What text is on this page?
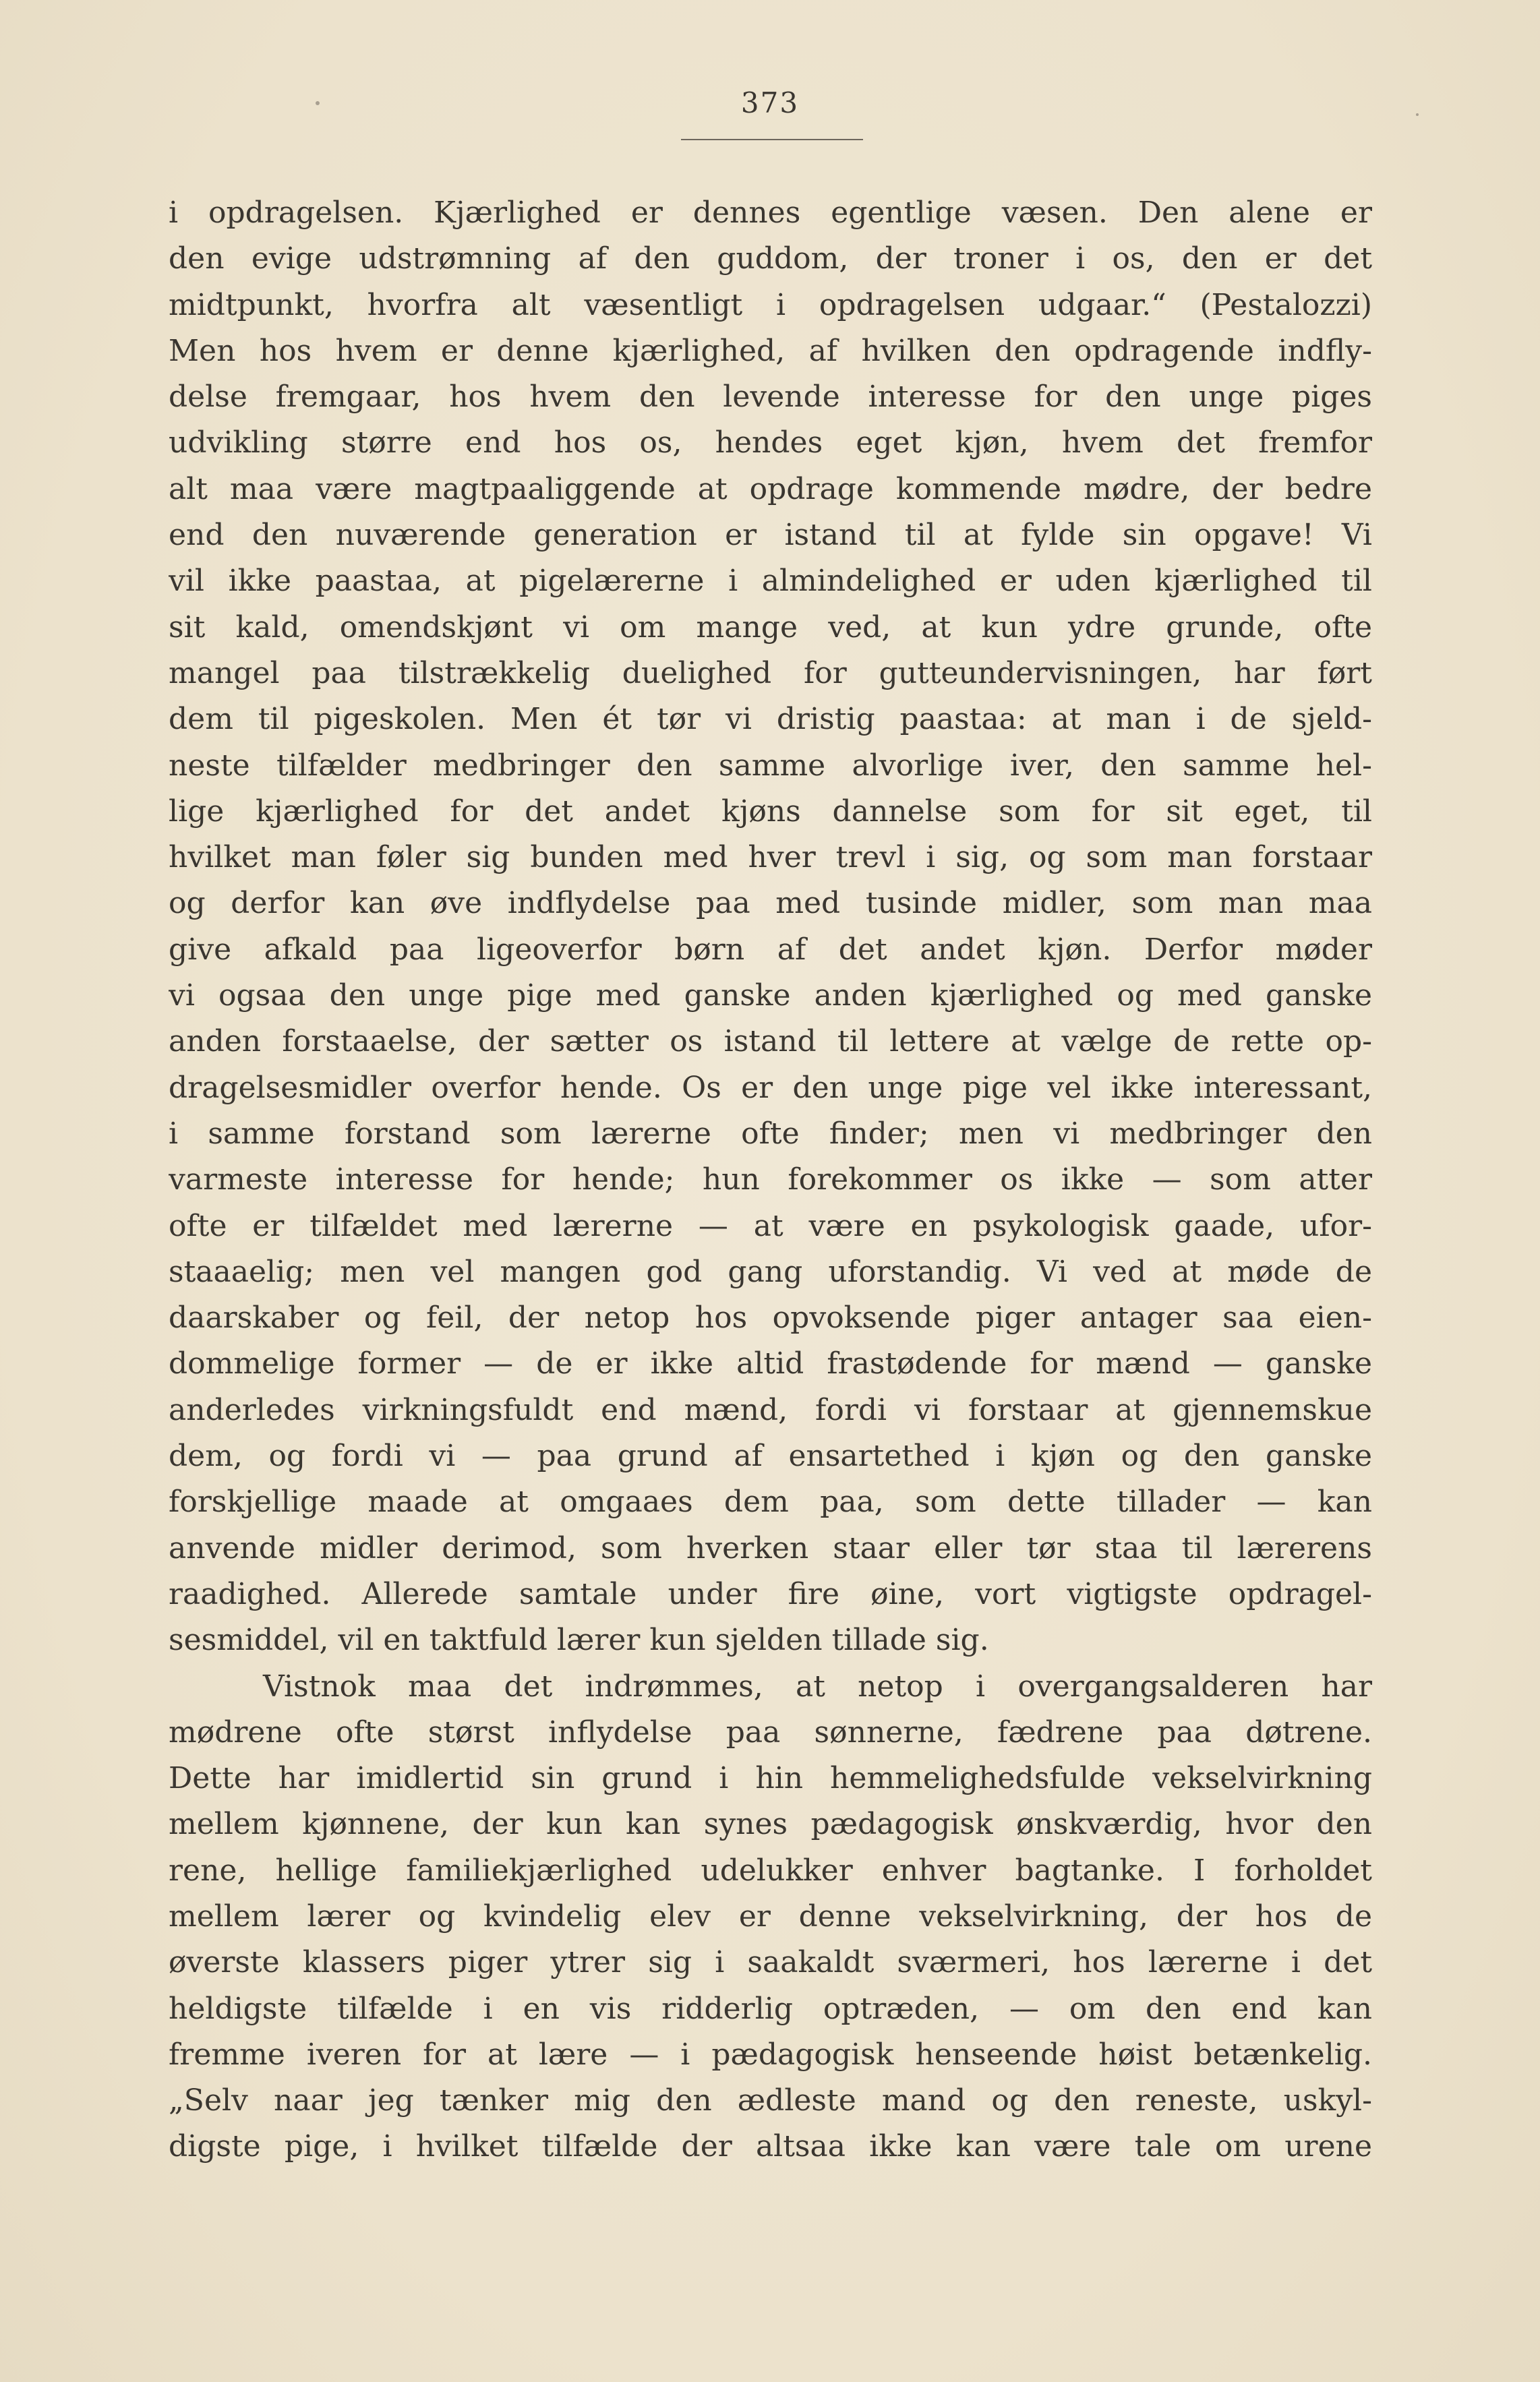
373
i opdragelsen. Kjærlighed er dennes egentlige væsen. Den alene er
den evige udstrømning af den guddom, der troner i os, den er det
midtpunkt, hvorfra alt væsentligt i opdragelsen udgaar.“ (Pestalozzi)
Men hos hvem er denne kjærlighed, af hvilken den opdragende indfly-
delse fremgaar, hos hvem den levende interesse for den unge piges
udvikling større end hos os, hendes eget kjøn, hvem det fremfor
alt maa være magtpaaliggende at opdrage kommende mødre, der bedre
end den nuværende generation er istand til at fylde sin opgave! Vi
vil ikke paastaa, at pigelærerne i almindelighed er uden kjærlighed til
sit kald, omendskjønt vi om mange ved, at kun ydre grunde, ofte
mangel paa tilstrækkelig duelighed for gutteundervisningen, har ført
dem til pigeskolen. Men ét tør vi dristig paastaa: at man i de sjeld-
neste tilfælder medbringer den samme alvorlige iver, den samme hel-
lige kjærlighed for det andet kjøns dannelse som for sit eget, til
hvilket man føler sig bunden med hver trevl i sig, og som man forstaar
og derfor kan øve indflydelse paa med tusinde midler, som man maa
give afkald paa ligeoverfor børn af det andet kjøn. Derfor møder
vi ogsaa den unge pige med ganske anden kjærlighed og med ganske
anden forstaaelse, der sætter os istand til lettere at vælge de rette op-
dragelsesmidler overfor hende. Os er den unge pige vel ikke interessant,
i samme forstand som lærerne ofte finder; men vi medbringer den
varmeste interesse for hende; hun forekommer os ikke — som atter
ofte er tilfældet med lærerne — at være en psykologisk gaade, ufor-
staaaelig; men vel mangen god gang uforstandig. Vi ved at møde de
daarskaber og feil, der netop hos opvoksende piger antager saa eien-
dommelige former — de er ikke altid frastødende for mænd — ganske
anderledes virkningsfuldt end mænd, fordi vi forstaar at gjennemskue
dem, og fordi vi — paa grund af ensartethed i kjøn og den ganske
forskjellige maade at omgaaes dem paa, som dette tillader — kan
anvende midler derimod, som hverken staar eller tør staa til lærerens
raadighed. Allerede samtale under fire øine, vort vigtigste opdragel-
sesmiddel, vil en taktfuld lærer kun sjelden tillade sig.
Vistnok maa det indrømmes, at netop i overgangsalderen har
mødrene ofte størst inflydelse paa sønnerne, fædrene paa døtrene.
Dette har imidlertid sin grund i hin hemmelighedsfulde vekselvirkning
mellem kjønnene, der kun kan synes pædagogisk ønskværdig, hvor den
rene, hellige familiekjærlighed udelukker enhver bagtanke. I forholdet
mellem lærer og kvindelig elev er denne vekselvirkning, der hos de
øverste klassers piger ytrer sig i saakaldt sværmeri, hos lærerne i det
heldigste tilfælde i en vis ridderlig optræden, — om den end kan
fremme iveren for at lære — i pædagogisk henseende høist betænkelig.
„Selv naar jeg tænker mig den ædleste mand og den reneste, uskyl-
digste pige, i hvilket tilfælde der altsaa ikke kan være tale om urene
